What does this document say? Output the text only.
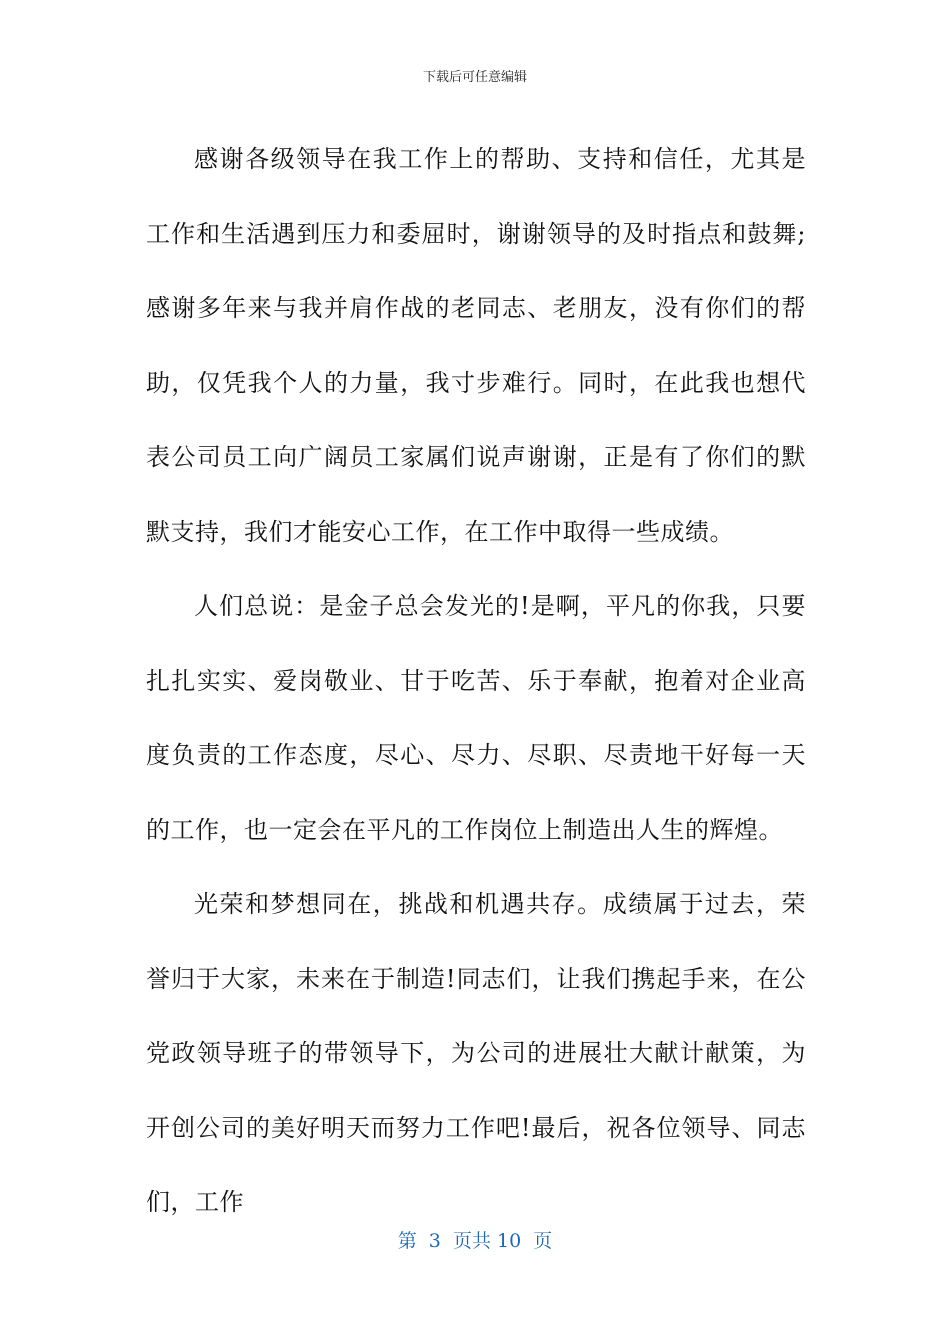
下载后可任意编辑

感谢各级领导在我工作上的帮助、支持和信任，尤其是工作和生活遇到压力和委屈时，谢谢领导的及时指点和鼓舞;感谢多年来与我并肩作战的老同志、老朋友，没有你们的帮助，仅凭我个人的力量，我寸步难行。同时，在此我也想代表公司员工向广阔员工家属们说声谢谢，正是有了你们的默默支持，我们才能安心工作，在工作中取得一些成绩。

人们总说：是金子总会发光的!是啊，平凡的你我，只要扎扎实实、爱岗敬业、甘于吃苦、乐于奉献，抱着对企业高度负责的工作态度，尽心、尽力、尽职、尽责地干好每一天的工作，也一定会在平凡的工作岗位上制造出人生的辉煌。

光荣和梦想同在，挑战和机遇共存。成绩属于过去，荣誉归于大家，未来在于制造!同志们，让我们携起手来，在公党政领导班子的带领导下，为公司的进展壮大献计献策，为开创公司的美好明天而努力工作吧!最后，祝各位领导、同志们，工作

第  3  页共 10  页
